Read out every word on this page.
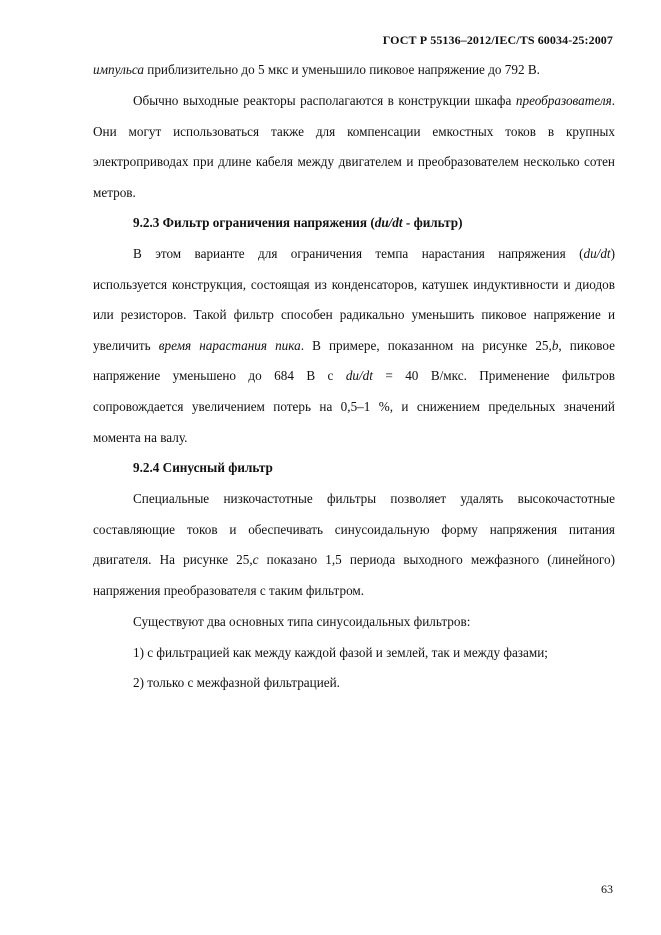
ГОСТ Р 55136–2012/IEC/TS 60034-25:2007
импульса приблизительно до 5 мкс и уменьшило пиковое напряжение до 792 В.
Обычно выходные реакторы располагаются в конструкции шкафа преобразователя.
Они могут использоваться также для компенсации емкостных токов в крупных
электроприводах при длине кабеля между двигателем и преобразователем несколько сотен
метров.
9.2.3 Фильтр ограничения напряжения (du/dt - фильтр)
В этом варианте для ограничения темпа нарастания напряжения (du/dt)
используется конструкция, состоящая из конденсаторов, катушек индуктивности и диодов
или резисторов. Такой фильтр способен радикально уменьшить пиковое напряжение и
увеличить время нарастания пика. В примере, показанном на рисунке 25,b, пиковое
напряжение уменьшено до 684 В с du/dt = 40 В/мкс. Применение фильтров
сопровождается увеличением потерь на 0,5–1 %, и снижением предельных значений
момента на валу.
9.2.4 Синусный фильтр
Специальные низкочастотные фильтры позволяет удалять высокочастотные
составляющие токов и обеспечивать синусоидальную форму напряжения питания
двигателя. На рисунке 25,c показано 1,5 периода выходного межфазного (линейного)
напряжения преобразователя с таким фильтром.
Существуют два основных типа синусоидальных фильтров:
1) с фильтрацией как между каждой фазой и землей, так и между фазами;
2) только с межфазной фильтрацией.
63
